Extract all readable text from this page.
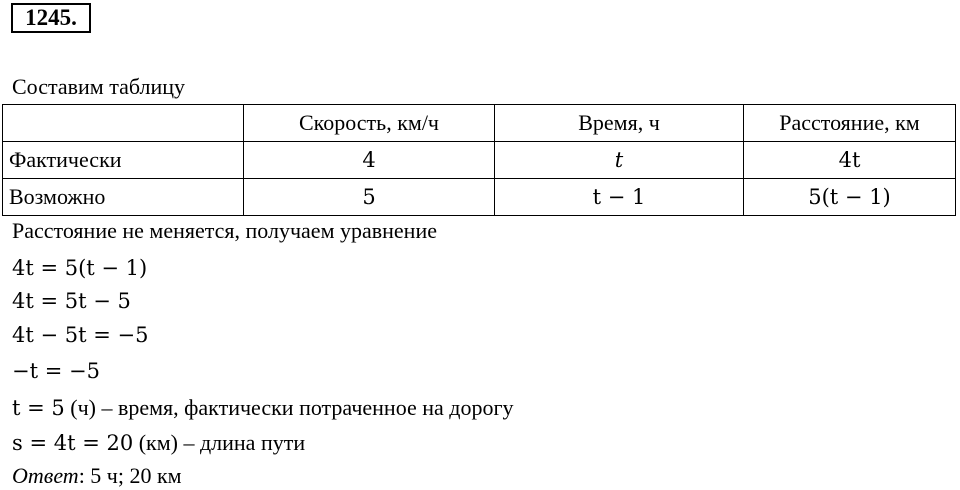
1245.
Составим таблицу
	Скорость, км/ч	Время, ч	Расстояние, км
Фактически	4	t	4t
Возможно	5	t − 1	5(t − 1)
Расстояние не меняется, получаем уравнение
4t = 5(t − 1)
4t = 5t − 5
4t − 5t = −5
−t = −5
t = 5 (ч) – время, фактически потраченное на дорогу
s = 4t = 20 (км) – длина пути
Ответ: 5 ч; 20 км
